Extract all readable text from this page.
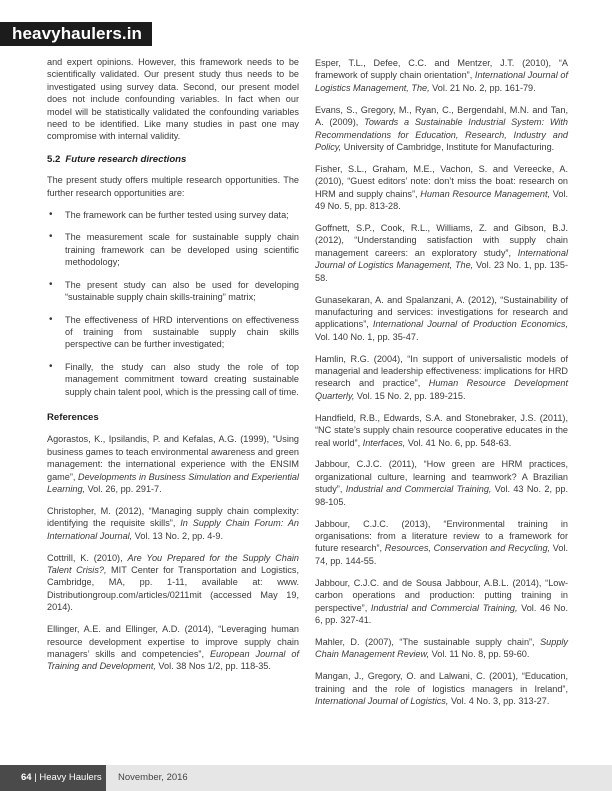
heavyhaulers.in

and expert opinions. However, this framework needs to be scientifically validated. Our present study thus needs to be investigated using survey data. Second, our present model does not include confounding variables. In fact when our model will be statistically validated the confounding variables need to be identified. Like many studies in past one may compromise with internal validity.

5.2 Future research directions

The present study offers multiple research opportunities. The further research opportunities are:

• The framework can be further tested using survey data;
• The measurement scale for sustainable supply chain training framework can be developed using scientific methodology;
• The present study can also be used for developing “sustainable supply chain skills-training” matrix;
• The effectiveness of HRD interventions on effectiveness of training from sustainable supply chain skills perspective can be further investigated;
• Finally, the study can also study the role of top management commitment toward creating sustainable supply chain talent pool, which is the pressing call of time.

References

Agorastos, K., Ipsilandis, P. and Kefalas, A.G. (1999), “Using business games to teach environmental awareness and green management: the international experience with the ENSIM game”, Developments in Business Simulation and Experiential Learning, Vol. 26, pp. 291-7.

Christopher, M. (2012), “Managing supply chain complexity: identifying the requisite skills”, In Supply Chain Forum: An International Journal, Vol. 13 No. 2, pp. 4-9.

Cottrill, K. (2010), Are You Prepared for the Supply Chain Talent Crisis?, MIT Center for Transportation and Logistics, Cambridge, MA, pp. 1-11, available at: www. Distributiongroup.com/articles/0211mit (accessed May 19, 2014).

Ellinger, A.E. and Ellinger, A.D. (2014), “Leveraging human resource development expertise to improve supply chain managers’ skills and competencies”, European Journal of Training and Development, Vol. 38 Nos 1/2, pp. 118-35.

Esper, T.L., Defee, C.C. and Mentzer, J.T. (2010), “A framework of supply chain orientation”, International Journal of Logistics Management, The, Vol. 21 No. 2, pp. 161-79.

Evans, S., Gregory, M., Ryan, C., Bergendahl, M.N. and Tan, A. (2009), Towards a Sustainable Industrial System: With Recommendations for Education, Research, Industry and Policy, University of Cambridge, Institute for Manufacturing.

Fisher, S.L., Graham, M.E., Vachon, S. and Vereecke, A. (2010), “Guest editors’ note: don’t miss the boat: research on HRM and supply chains”, Human Resource Management, Vol. 49 No. 5, pp. 813-28.

Goffnett, S.P., Cook, R.L., Williams, Z. and Gibson, B.J. (2012), “Understanding satisfaction with supply chain management careers: an exploratory study”, International Journal of Logistics Management, The, Vol. 23 No. 1, pp. 135-58.

Gunasekaran, A. and Spalanzani, A. (2012), “Sustainability of manufacturing and services: investigations for research and applications”, International Journal of Production Economics, Vol. 140 No. 1, pp. 35-47.

Hamlin, R.G. (2004), “In support of universalistic models of managerial and leadership effectiveness: implications for HRD research and practice”, Human Resource Development Quarterly, Vol. 15 No. 2, pp. 189-215.

Handfield, R.B., Edwards, S.A. and Stonebraker, J.S. (2011), “NC state’s supply chain resource cooperative educates in the real world”, Interfaces, Vol. 41 No. 6, pp. 548-63.

Jabbour, C.J.C. (2011), “How green are HRM practices, organizational culture, learning and teamwork? A Brazilian study”, Industrial and Commercial Training, Vol. 43 No. 2, pp. 98-105.

Jabbour, C.J.C. (2013), “Environmental training in organisations: from a literature review to a framework for future research”, Resources, Conservation and Recycling, Vol. 74, pp. 144-55.

Jabbour, C.J.C. and de Sousa Jabbour, A.B.L. (2014), “Low-carbon operations and production: putting training in perspective”, Industrial and Commercial Training, Vol. 46 No. 6, pp. 327-41.

Mahler, D. (2007), “The sustainable supply chain”, Supply Chain Management Review, Vol. 11 No. 8, pp. 59-60.

Mangan, J., Gregory, O. and Lalwani, C. (2001), “Education, training and the role of logistics managers in Ireland”, International Journal of Logistics, Vol. 4 No. 3, pp. 313-27.

64 | Heavy Haulers	November, 2016
